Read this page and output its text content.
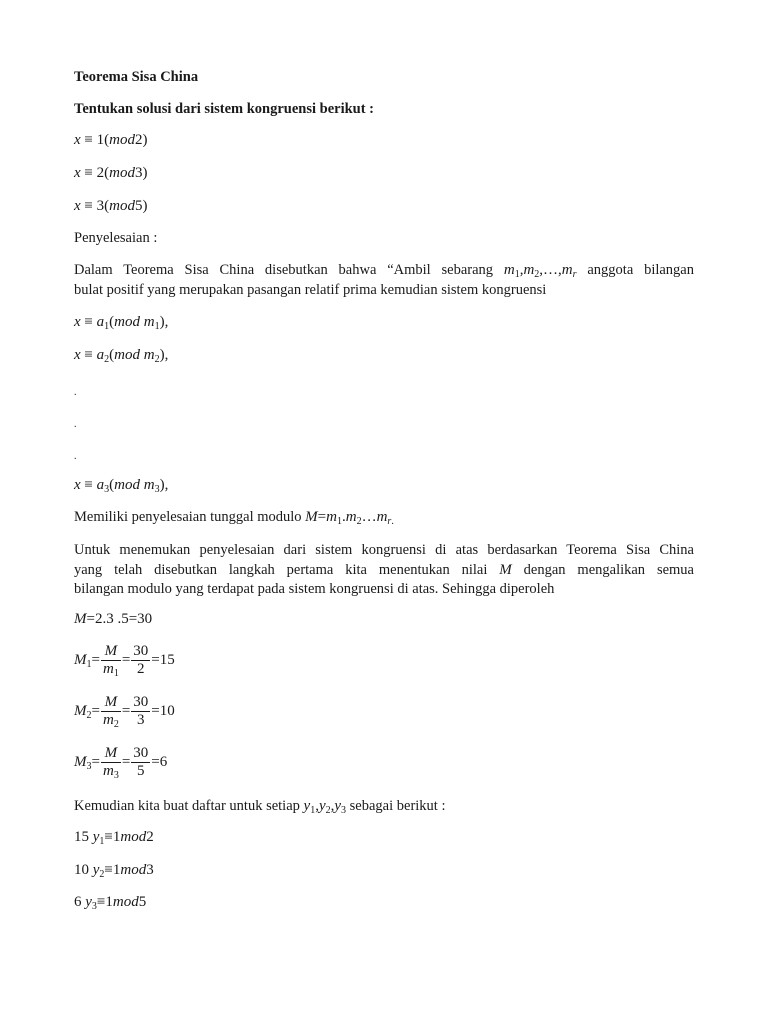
Teorema Sisa China
Tentukan solusi dari sistem kongruensi berikut :
x ≡ 1(mod2)
x ≡ 2(mod3)
x ≡ 3(mod5)
Penyelesaian :
Dalam Teorema Sisa China disebutkan bahwa “Ambil sebarang $m_1,m_2,\dots,m_r$ anggota bilangan
bulat positif yang merupakan pasangan relatif prima kemudian sistem kongruensi
$x \equiv a_1(mod$ $m_1$),
$x \equiv a_2(mod$ $m_2$),
.
.
.
$x \equiv a_3(mod$ $m_3$),
Memiliki penyelesaian tunggal modulo $M=m_1.m_2\dots m_{r.}$
Untuk menemukan penyelesaian dari sistem kongruensi di atas berdasarkan Teorema Sisa China
yang telah disebutkan langkah pertama kita menentukan nilai M dengan mengalikan semua
bilangan modulo yang terdapat pada sistem kongruensi di atas. Sehingga diperoleh
M=2.3 .5=30
$M_1= \frac{M}{m_1} = \frac{30}{2} =15$
$M_2= \frac{M}{m_2} = \frac{30}{3} =10$
$M_3= \frac{M}{m_3} = \frac{30}{5} =6$
Kemudian kita buat daftar untuk setiap $y_1,y_2,y_3$ sebagai berikut :
15 $y_1\equiv 1mod2$
10 $y_2\equiv 1mod3$
6 $y_3\equiv 1mod5$
